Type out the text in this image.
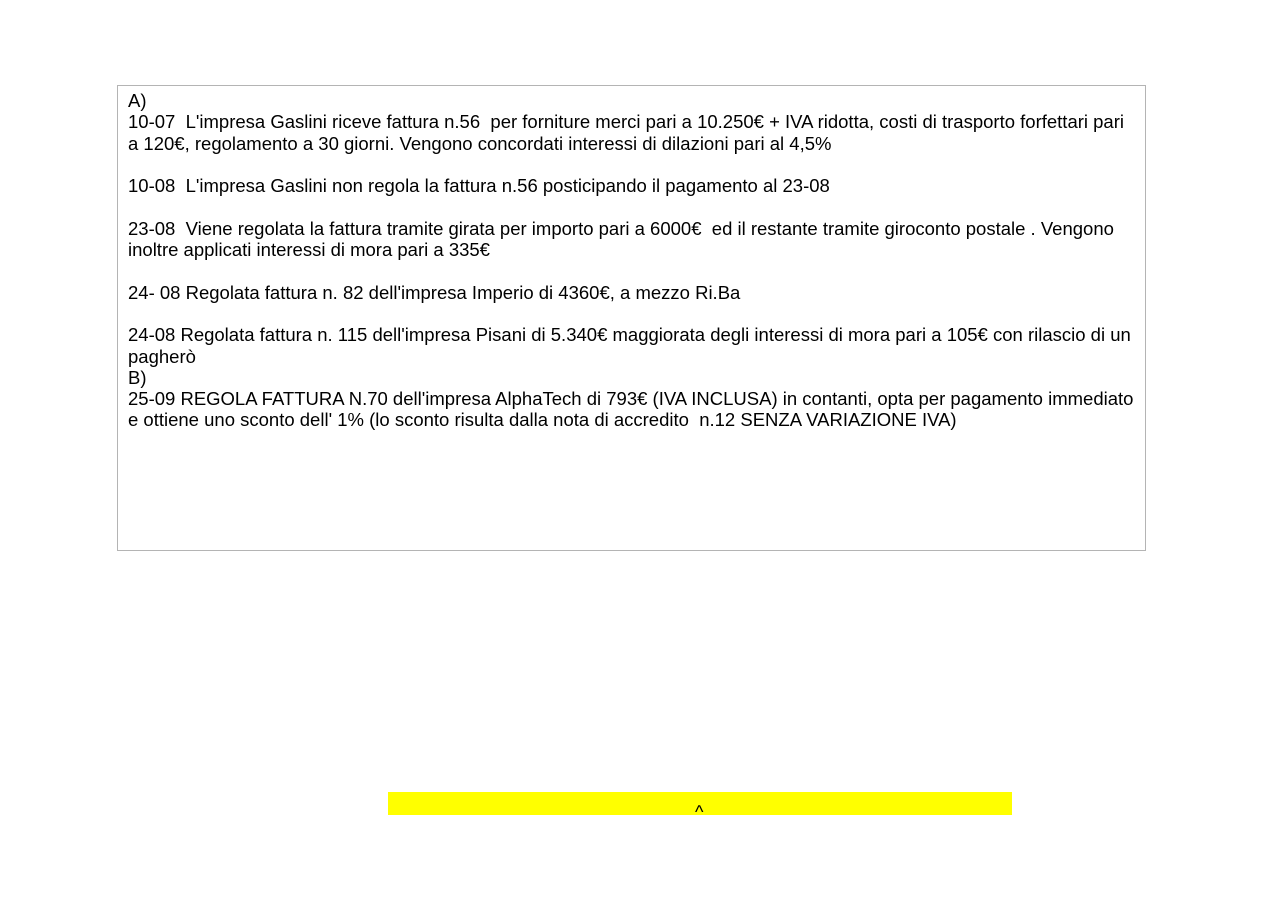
A)

10-07  L'impresa Gaslini riceve fattura n.56  per forniture merci pari a 10.250€ + IVA ridotta, costi di trasporto forfettari pari a 120€, regolamento a 30 giorni. Vengono concordati interessi di dilazioni pari al 4,5%

10-08  L'impresa Gaslini non regola la fattura n.56 posticipando il pagamento al 23-08

23-08  Viene regolata la fattura tramite girata per importo pari a 6000€  ed il restante tramite giroconto postale . Vengono inoltre applicati interessi di mora pari a 335€

24- 08 Regolata fattura n. 82 dell'impresa Imperio di 4360€, a mezzo Ri.Ba

24-08 Regolata fattura n. 115 dell'impresa Pisani di 5.340€ maggiorata degli interessi di mora pari a 105€ con rilascio di un pagherò

B)

25-09 REGOLA FATTURA N.70 dell'impresa AlphaTech di 793€ (IVA INCLUSA) in contanti, opta per pagamento immediato e ottiene uno sconto dell' 1% (lo sconto risulta dalla nota di accredito  n.12 SENZA VARIAZIONE IVA)

^
